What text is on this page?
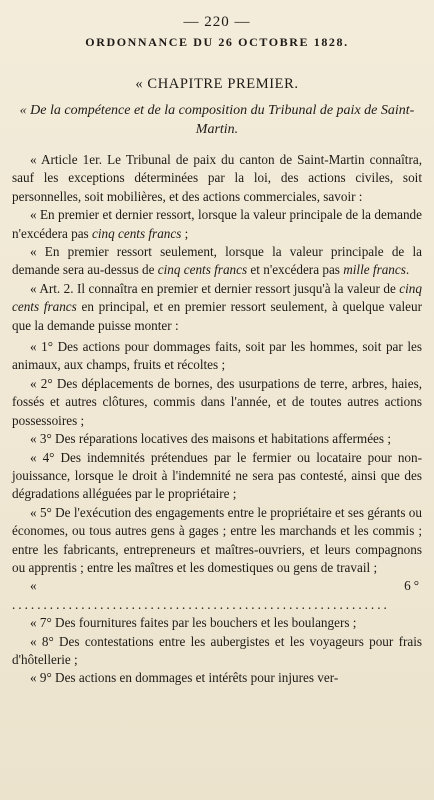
— 220 —
ORDONNANCE DU 26 OCTOBRE 1828.
« CHAPITRE PREMIER.
« De la compétence et de la composition du Tribunal de paix de Saint-Martin.

« Article 1er. Le Tribunal de paix du canton de Saint-Martin connaîtra, sauf les exceptions déterminées par la loi, des actions civiles, soit personnelles, soit mobilières, et des actions commerciales, savoir :

« En premier et dernier ressort, lorsque la valeur principale de la demande n'excédera pas cinq cents francs ;

« En premier ressort seulement, lorsque la valeur principale de la demande sera au-dessus de cinq cents francs et n'excédera pas mille francs.

« Art. 2. Il connaîtra en premier et dernier ressort jusqu'à la valeur de cinq cents francs en principal, et en premier ressort seulement, à quelque valeur que la demande puisse monter :

« 1° Des actions pour dommages faits, soit par les hommes, soit par les animaux, aux champs, fruits et récoltes ;

« 2° Des déplacements de bornes, des usurpations de terre, arbres, haies, fossés et autres clôtures, commis dans l'année, et de toutes autres actions possessoires ;

« 3° Des réparations locatives des maisons et habitations affermées ;

« 4° Des indemnités prétendues par le fermier ou locataire pour non-jouissance, lorsque le droit à l'indemnité ne sera pas contesté, ainsi que des dégradations alléguées par le propriétaire ;

« 5° De l'exécution des engagements entre le propriétaire et ses gérants ou économes, ou tous autres gens à gages ; entre les marchands et les commis ; entre les fabricants, entrepreneurs et maîtres-ouvriers, et leurs compagnons ou apprentis ; entre les maîtres et les domestiques ou gens de travail ;

« 6° ............................................................

« 7° Des fournitures faites par les bouchers et les boulangers ;

« 8° Des contestations entre les aubergistes et les voyageurs pour frais d'hôtellerie ;

« 9° Des actions en dommages et intérêts pour injures ver-
